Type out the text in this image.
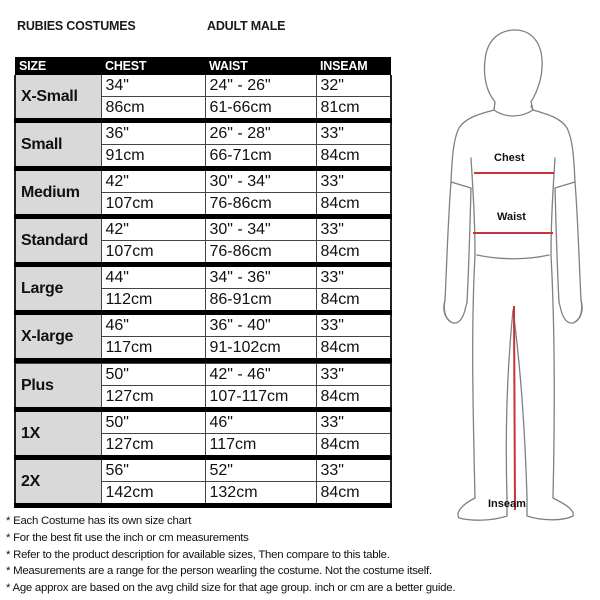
RUBIES COSTUMES	ADULT MALE
SIZE	CHEST	WAIST	INSEAM
X-Small	34"	24" - 26"	32"
	86cm	61-66cm	81cm
Small	36"	26" - 28"	33"
	91cm	66-71cm	84cm
Medium	42"	30" - 34"	33"
	107cm	76-86cm	84cm
Standard	42"	30" - 34"	33"
	107cm	76-86cm	84cm
Large	44"	34" - 36"	33"
	112cm	86-91cm	84cm
X-large	46"	36" - 40"	33"
	117cm	91-102cm	84cm
Plus	50"	42" - 46"	33"
	127cm	107-117cm	84cm
1X	50"	46"	33"
	127cm	117cm	84cm
2X	56"	52"	33"
	142cm	132cm	84cm
* Each Costume has its own size chart
* For the best fit use the inch or cm measurements
* Refer to the product description for available sizes, Then compare to this table.
* Measurements are a range for the person wearling the costume. Not the costume itself.
* Age approx are based on the avg child size for that age group. inch or cm are a better guide.
Chest
Waist
Inseam
